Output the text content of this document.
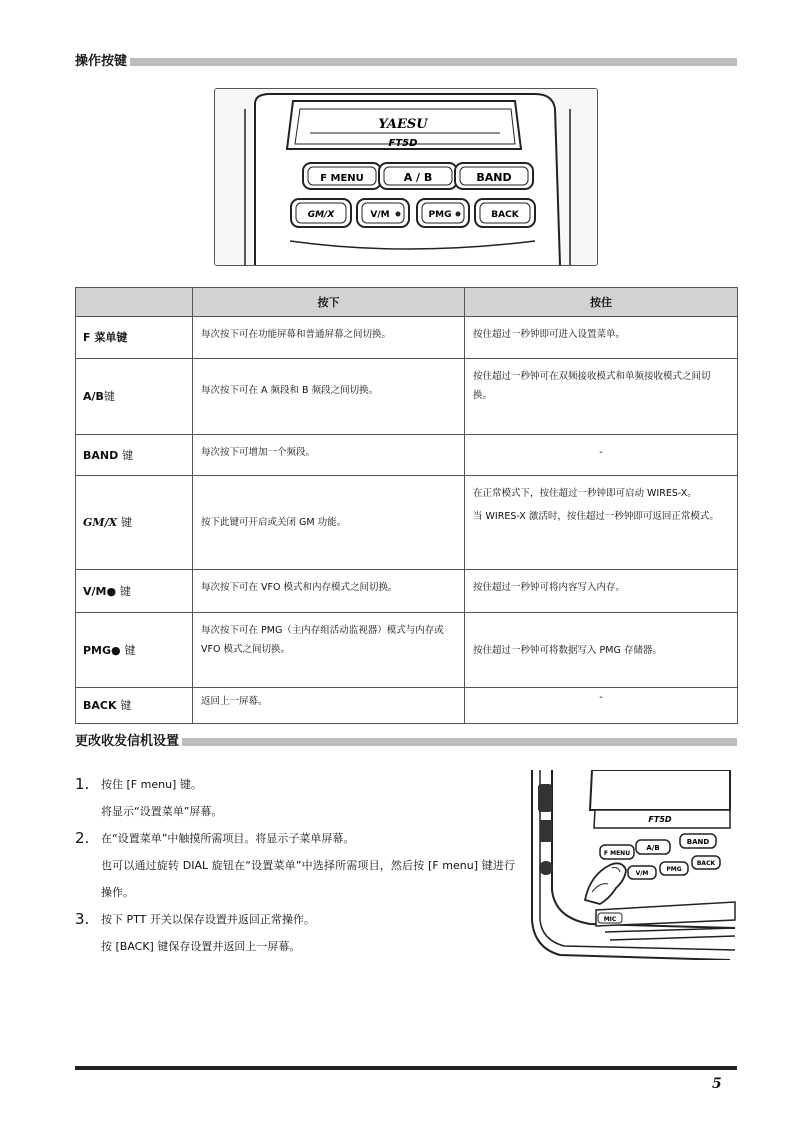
操作按键
YAESU
FT5D
F MENU	A / B	BAND
GM/X	V/M	PMG	BACK
	按下	按住
F 菜单键	每次按下可在功能屏幕和普通屏幕之间切换。	按住超过一秒钟即可进入设置菜单。
A/B键	每次按下可在 A 频段和 B 频段之间切换。	按住超过一秒钟可在双频接收模式和单频接收模式之间切换。
BAND 键	每次按下可增加一个频段。	-
GM/X 键	按下此键可开启或关闭 GM 功能。	在正常模式下，按住超过一秒钟即可启动 WIRES-X。
当 WIRES-X 激活时，按住超过一秒钟即可返回正常模式。

V/M● 键	每次按下可在 VFO 模式和内存模式之间切换。	按住超过一秒钟可将内容写入内存。
PMG● 键	每次按下可在 PMG（主内存组活动监视器）模式与内存或 VFO 模式之间切换。	按住超过一秒钟可将数据写入 PMG 存储器。
BACK 键	返回上一屏幕。	-
更改收发信机设置
1. 按住 [F menu] 键。
将显示“设置菜单”屏幕。
2. 在“设置菜单”中触摸所需项目。将显示子菜单屏幕。
也可以通过旋转 DIAL 旋钮在“设置菜单”中选择所需项目，然后按 [F menu] 键进行操作。
3. 按下 PTT 开关以保存设置并返回正常操作。
按 [BACK] 键保存设置并返回上一屏幕。
FT5D
F MENU
A/B
BAND
V/M
PMG
BACK
MIC
5
